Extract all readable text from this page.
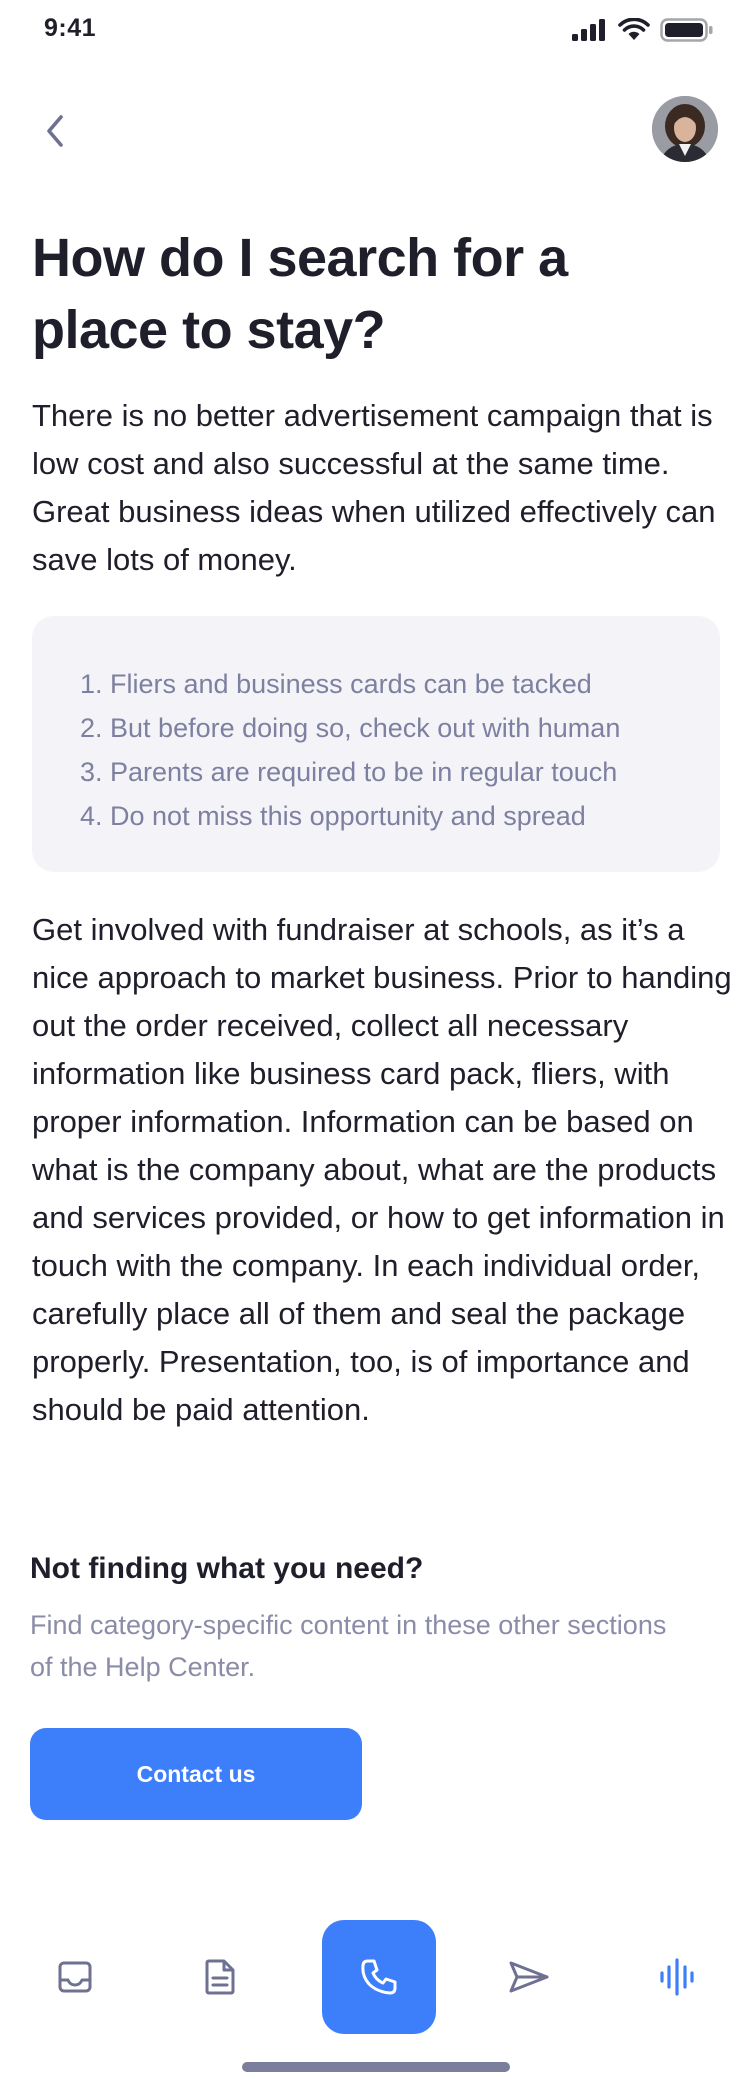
9:41
How do I search for a place to stay?

There is no better advertisement campaign that is low cost and also successful at the same time. Great business ideas when utilized effectively can save lots of money.

1. Fliers and business cards can be tacked
2. But before doing so, check out with human
3. Parents are required to be in regular touch
4. Do not miss this opportunity and spread

Get involved with fundraiser at schools, as it’s a nice approach to market business. Prior to handing out the order received, collect all necessary information like business card pack, fliers, with proper information. Information can be based on what is the company about, what are the products and services provided, or how to get information in touch with the company. In each individual order, carefully place all of them and seal the package properly. Presentation, too, is of importance and should be paid attention.

Not finding what you need?

Find category-specific content in these other sections of the Help Center.

Contact us
